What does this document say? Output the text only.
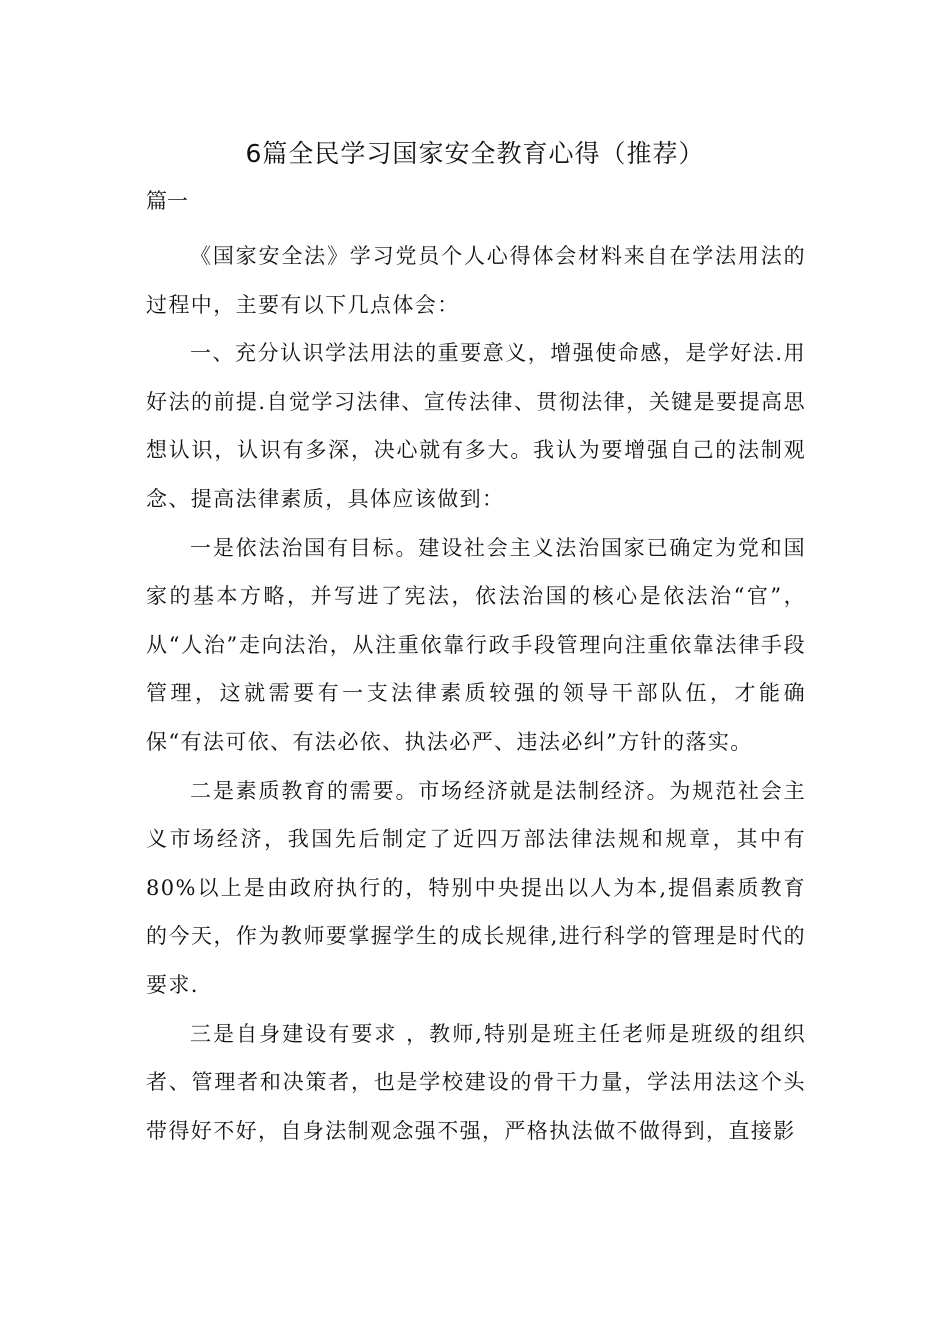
6篇全民学习国家安全教育心得（推荐）
篇一

《国家安全法》学习党员个人心得体会材料来自在学法用法的过程中，主要有以下几点体会：

一、充分认识学法用法的重要意义，增强使命感，是学好法.用好法的前提.自觉学习法律、宣传法律、贯彻法律，关键是要提高思想认识，认识有多深，决心就有多大。我认为要增强自己的法制观念、提高法律素质，具体应该做到：

一是依法治国有目标。建设社会主义法治国家已确定为党和国家的基本方略，并写进了宪法，依法治国的核心是依法治“官”，从“人治”走向法治，从注重依靠行政手段管理向注重依靠法律手段管理，这就需要有一支法律素质较强的领导干部队伍，才能确保“有法可依、有法必依、执法必严、违法必纠”方针的落实。

二是素质教育的需要。市场经济就是法制经济。为规范社会主义市场经济，我国先后制定了近四万部法律法规和规章，其中有80%以上是由政府执行的，特别中央提出以人为本,提倡素质教育的今天，作为教师要掌握学生的成长规律,进行科学的管理是时代的要求.

三是自身建设有要求 ，教师,特别是班主任老师是班级的组织者、管理者和决策者，也是学校建设的骨干力量，学法用法这个头带得好不好，自身法制观念强不强，严格执法做不做得到，直接影
